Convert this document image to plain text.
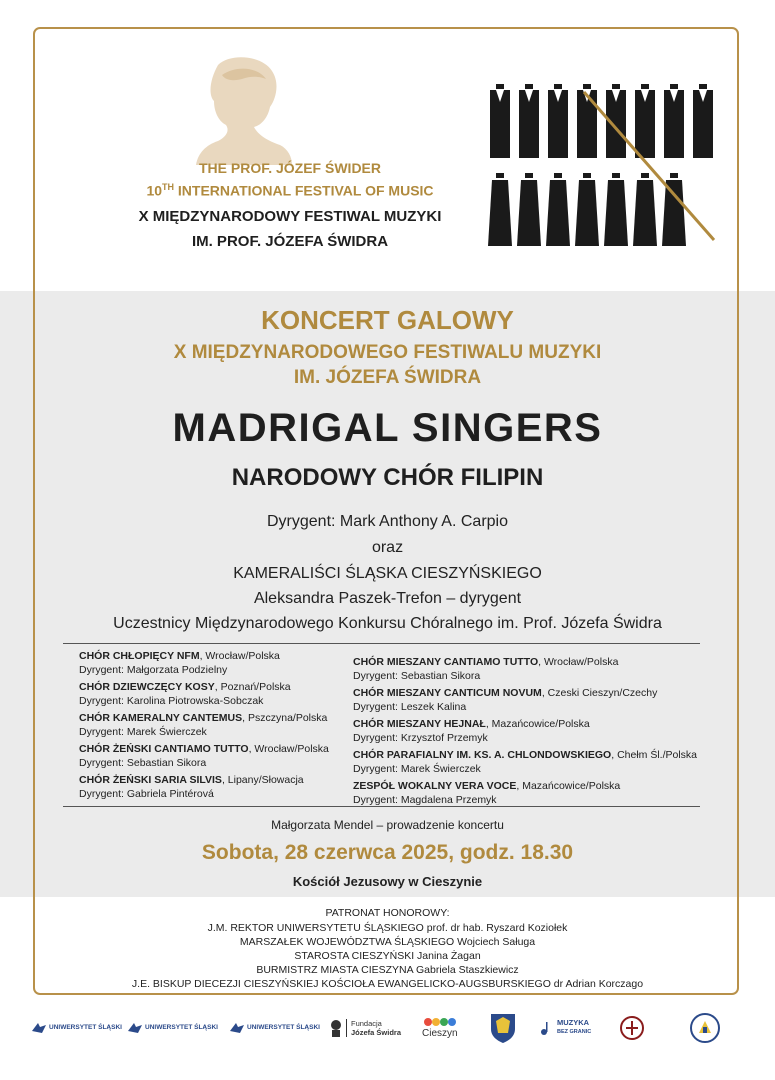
THE PROF. JÓZEF ŚWIDER
10TH INTERNATIONAL FESTIVAL OF MUSIC
X MIĘDZYNARODOWY FESTIWAL MUZYKI
IM. PROF. JÓZEFA ŚWIDRA
KONCERT GALOWY
X MIĘDZYNARODOWEGO FESTIWALU MUZYKI
IM. JÓZEFA ŚWIDRA
MADRIGAL SINGERS
NARODOWY CHÓR FILIPIN
Dyrygent: Mark Anthony A. Carpio
oraz
KAMERALIŚCI ŚLĄSKA CIESZYŃSKIEGO
Aleksandra Paszek-Trefon – dyrygent
Uczestnicy Międzynarodowego Konkursu Chóralnego im. Prof. Józefa Świdra
CHÓR CHŁOPIĘCY NFM, Wrocław/Polska
Dyrygent: Małgorzata Podzielny
CHÓR DZIEWCZĘCY KOSY, Poznań/Polska
Dyrygent: Karolina Piotrowska-Sobczak
CHÓR KAMERALNY CANTEMUS, Pszczyna/Polska
Dyrygent: Marek Świerczek
CHÓR ŻEŃSKI CANTIAMO TUTTO, Wrocław/Polska
Dyrygent: Sebastian Sikora
CHÓR ŻEŃSKI SARIA SILVIS, Lipany/Słowacja
Dyrygent: Gabriela Pintérová
CHÓR MIESZANY CANTIAMO TUTTO, Wrocław/Polska
Dyrygent: Sebastian Sikora
CHÓR MIESZANY CANTICUM NOVUM, Czeski Cieszyn/Czechy
Dyrygent: Leszek Kalina
CHÓR MIESZANY HEJNAŁ, Mazańcowice/Polska
Dyrygent: Krzysztof Przemyk
CHÓR PARAFIALNY IM. KS. A. CHLONDOWSKIEGO, Chełm Śl./Polska
Dyrygent: Marek Świerczek
ZESPÓŁ WOKALNY VERA VOCE, Mazańcowice/Polska
Dyrygent: Magdalena Przemyk
Małgorzata Mendel – prowadzenie koncertu
Sobota, 28 czerwca 2025, godz. 18.30
Kościół Jezusowy w Cieszynie
PATRONAT HONOROWY:
J.M. REKTOR UNIWERSYTETU ŚLĄSKIEGO prof. dr hab. Ryszard Koziołek
MARSZAŁEK WOJEWÓDZTWA ŚLĄSKIEGO Wojciech Saługa
STAROSTA CIESZYŃSKI Janina Żagan
BURMISTRZ MIASTA CIESZYNA Gabriela Staszkiewicz
J.E. BISKUP DIECEZJI CIESZYŃSKIEJ KOŚCIOŁA EWANGELICKO-AUGSBURSKIEGO dr Adrian Korczago
UNIWERSYTET ŚLĄSKI	UNIWERSYTET ŚLĄSKI	UNIWERSYTET ŚLĄSKI	Fundacja
Józefa Świdra Cieszyn
MUZYKA
BEZ GRANIC
